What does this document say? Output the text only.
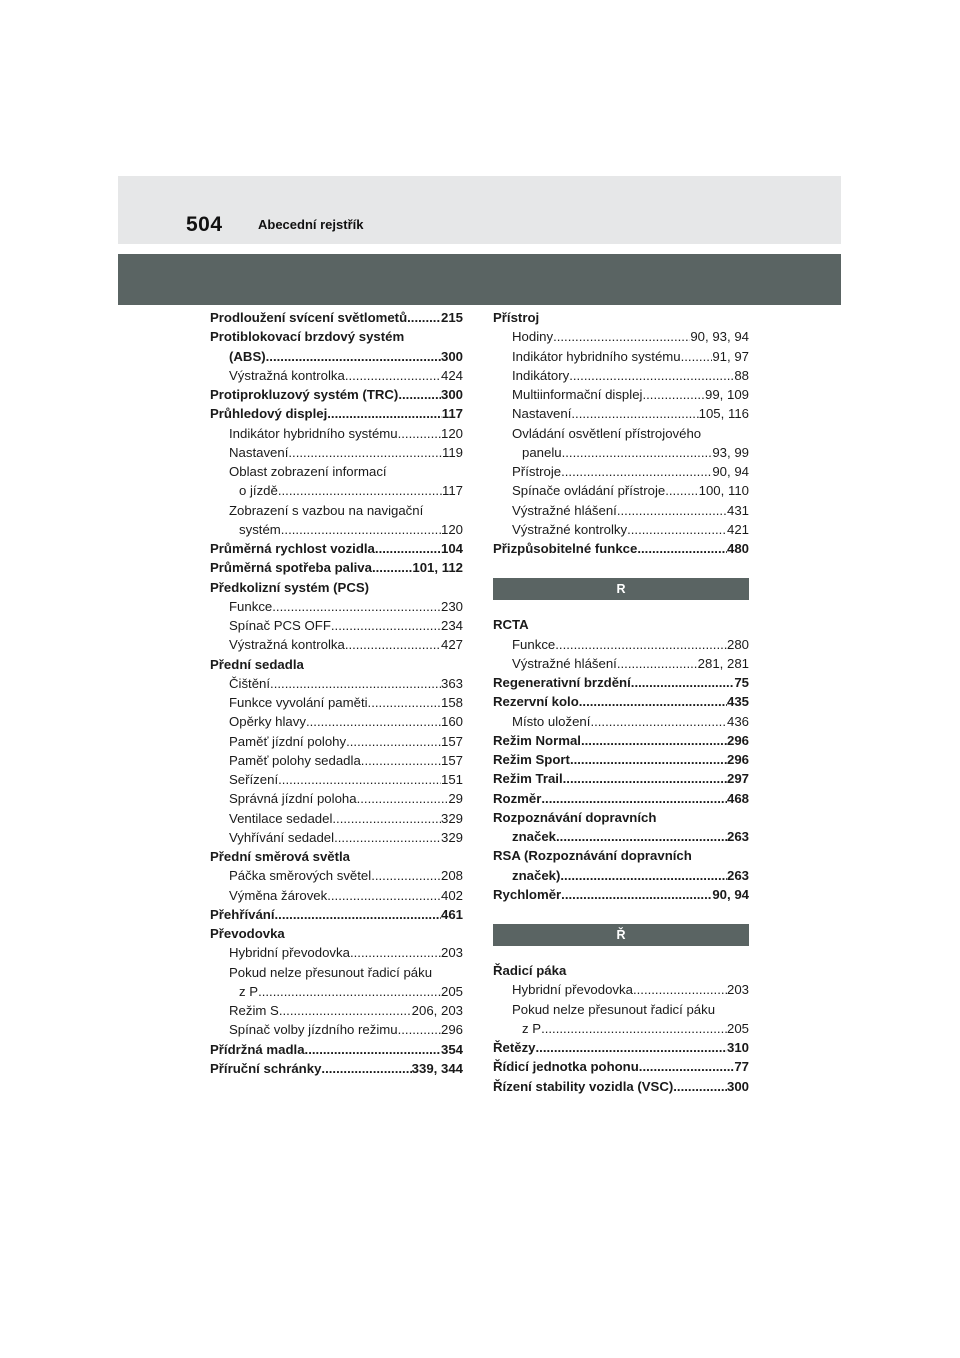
504	Abecední rejstřík
Prodloužení svícení světlometů .....	215
Protiblokovací brzdový systém
(ABS) .....	300
Výstražná kontrolka .....	424
Protiprokluzový systém (TRC) .....	300
Průhledový displej .....	117
Indikátor hybridního systému .....	120
Nastavení .....	119
Oblast zobrazení informací
o jízdě .....	117
Zobrazení s vazbou na navigační
systém .....	120
Průměrná rychlost vozidla .....	104
Průměrná spotřeba paliva .....	101, 112
Předkolizní systém (PCS)
Funkce .....	230
Spínač PCS OFF .....	234
Výstražná kontrolka .....	427
Přední sedadla
Čištění .....	363
Funkce vyvolání paměti .....	158
Opěrky hlavy .....	160
Paměť jízdní polohy .....	157
Paměť polohy sedadla .....	157
Seřízení .....	151
Správná jízdní poloha .....	29
Ventilace sedadel .....	329
Vyhřívání sedadel .....	329
Přední směrová světla
Páčka směrových světel .....	208
Výměna žárovek .....	402
Přehřívání .....	461
Převodovka
Hybridní převodovka .....	203
Pokud nelze přesunout řadicí páku
z P .....	205
Režim S .....	206, 203
Spínač volby jízdního režimu .....	296
Přídržná madla .....	354
Příruční schránky .....	339, 344
Přístroj
Hodiny .....	90, 93, 94
Indikátor hybridního systému ..... 91, 97
Indikátory .....	88
Multiinformační displej .....	99, 109
Nastavení .....	105, 116
Ovládání osvětlení přístrojového
panelu .....	93, 99
Přístroje .....	90, 94
Spínače ovládání přístroje .....	100, 110
Výstražné hlášení .....	431
Výstražné kontrolky .....	421
Přizpůsobitelné funkce .....	480
R
RCTA
Funkce .....	280
Výstražné hlášení .....	281, 281
Regenerativní brzdění .....	75
Rezervní kolo .....	435
Místo uložení .....	436
Režim Normal .....	296
Režim Sport .....	296
Režim Trail .....	297
Rozměr .....	468
Rozpoznávání dopravních
značek .....	263
RSA (Rozpoznávání dopravních
značek) .....	263
Rychloměr .....	90, 94
Ř
Řadicí páka
Hybridní převodovka .....	203
Pokud nelze přesunout řadicí páku
z P .....	205
Řetězy .....	310
Řídicí jednotka pohonu .....	77
Řízení stability vozidla (VSC) .....	300
